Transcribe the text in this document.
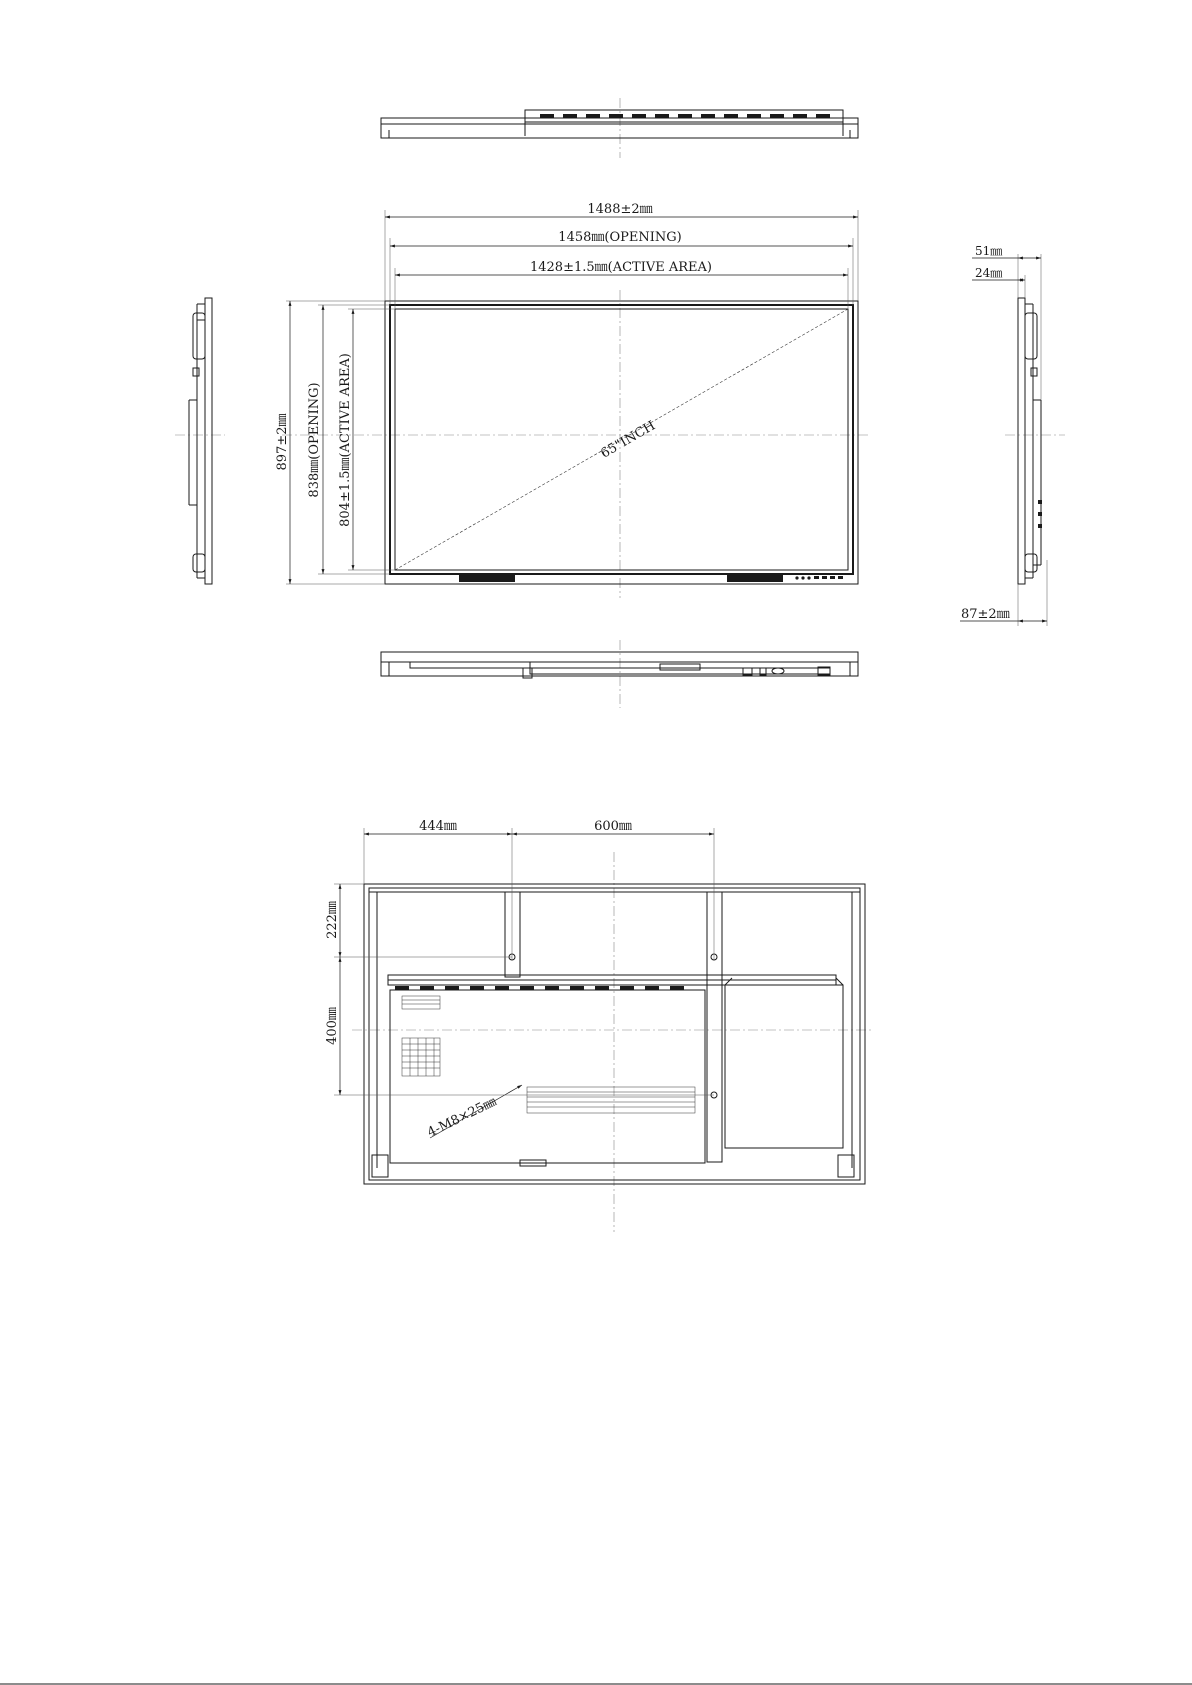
65"INCH
1488±2㎜
1458㎜(OPENING)
1428±1.5㎜(ACTIVE AREA)
897±2㎜ 838㎜(OPENING) 804±1.5㎜(ACTIVE AREA)
51㎜
24㎜
87±2㎜
4-M8×25㎜
444㎜	600㎜
222㎜
400㎜
